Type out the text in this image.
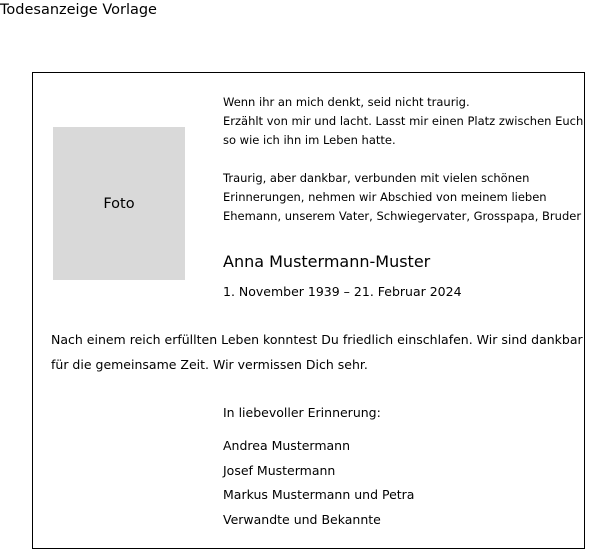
Todesanzeige Vorlage
Foto
Wenn ihr an mich denkt, seid nicht traurig.
Erzählt von mir und lacht. Lasst mir einen Platz zwischen Euch
so wie ich ihn im Leben hatte.
Traurig, aber dankbar, verbunden mit vielen schönen
Erinnerungen, nehmen wir Abschied von meinem lieben
Ehemann, unserem Vater, Schwiegervater, Grosspapa, Bruder
Anna Mustermann-Muster
1. November 1939 – 21. Februar 2024
Nach einem reich erfüllten Leben konntest Du friedlich einschlafen. Wir sind dankbar
für die gemeinsame Zeit. Wir vermissen Dich sehr.
In liebevoller Erinnerung:
Andrea Mustermann
Josef Mustermann
Markus Mustermann und Petra
Verwandte und Bekannte
